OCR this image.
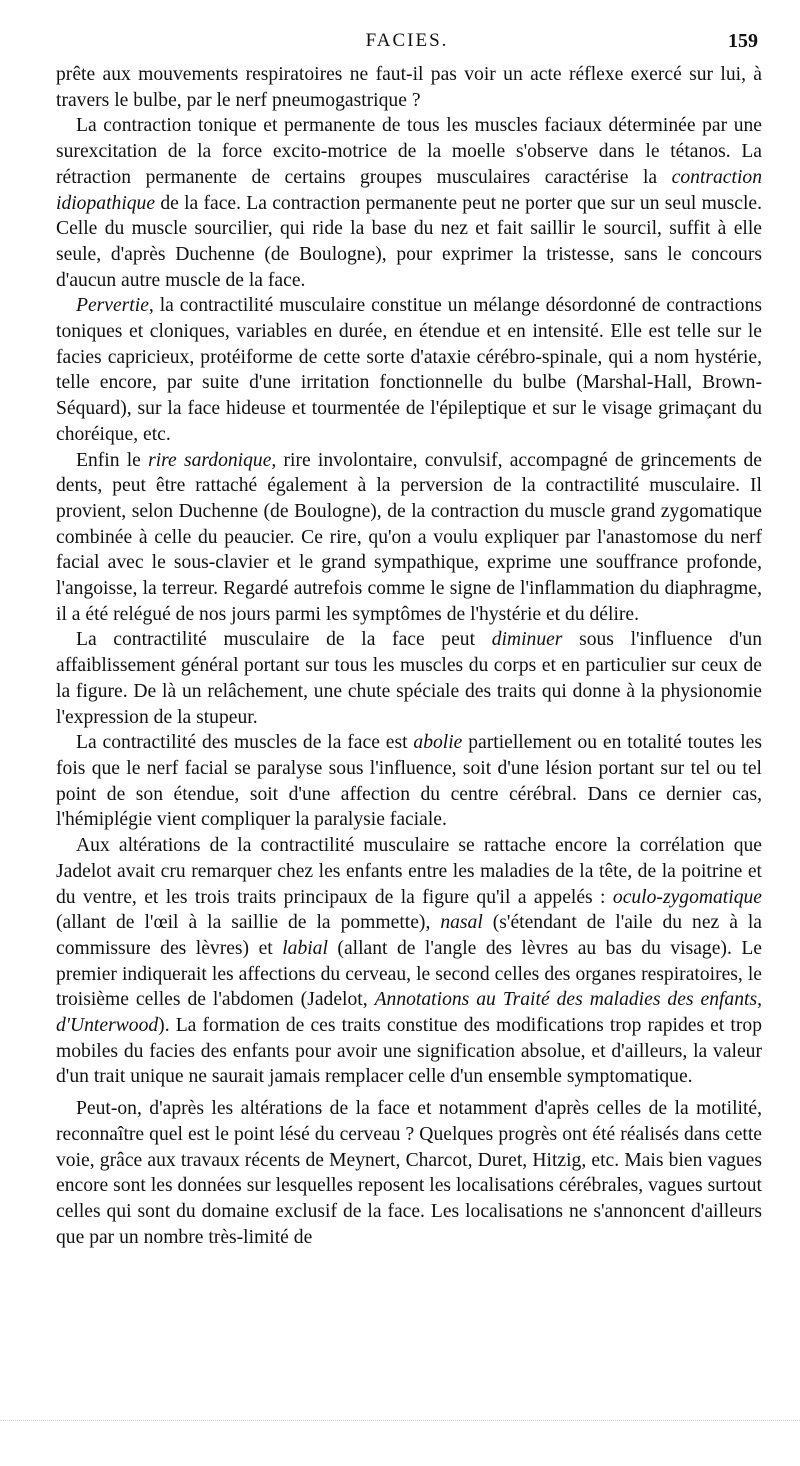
FACIES.	159

prête aux mouvements respiratoires ne faut-il pas voir un acte réflexe exercé sur lui, à travers le bulbe, par le nerf pneumogastrique ?

La contraction tonique et permanente de tous les muscles faciaux déterminée par une surexcitation de la force excito-motrice de la moelle s'observe dans le tétanos. La rétraction permanente de certains groupes musculaires caractérise la contraction idiopathique de la face. La contraction permanente peut ne porter que sur un seul muscle. Celle du muscle sourcilier, qui ride la base du nez et fait saillir le sourcil, suffit à elle seule, d'après Duchenne (de Boulogne), pour exprimer la tristesse, sans le concours d'aucun autre muscle de la face.

Pervertie, la contractilité musculaire constitue un mélange désordonné de contractions toniques et cloniques, variables en durée, en étendue et en intensité. Elle est telle sur le facies capricieux, protéiforme de cette sorte d'ataxie cérébro-spinale, qui a nom hystérie, telle encore, par suite d'une irritation fonctionnelle du bulbe (Marshal-Hall, Brown-Séquard), sur la face hideuse et tourmentée de l'épileptique et sur le visage grimaçant du choréique, etc.

Enfin le rire sardonique, rire involontaire, convulsif, accompagné de grincements de dents, peut être rattaché également à la perversion de la contractilité musculaire. Il provient, selon Duchenne (de Boulogne), de la contraction du muscle grand zygomatique combinée à celle du peaucier. Ce rire, qu'on a voulu expliquer par l'anastomose du nerf facial avec le sous-clavier et le grand sympathique, exprime une souffrance profonde, l'angoisse, la terreur. Regardé autrefois comme le signe de l'inflammation du diaphragme, il a été relégué de nos jours parmi les symptômes de l'hystérie et du délire.

La contractilité musculaire de la face peut diminuer sous l'influence d'un affaiblissement général portant sur tous les muscles du corps et en particulier sur ceux de la figure. De là un relâchement, une chute spéciale des traits qui donne à la physionomie l'expression de la stupeur.

La contractilité des muscles de la face est abolie partiellement ou en totalité toutes les fois que le nerf facial se paralyse sous l'influence, soit d'une lésion portant sur tel ou tel point de son étendue, soit d'une affection du centre cérébral. Dans ce dernier cas, l'hémiplégie vient compliquer la paralysie faciale.

Aux altérations de la contractilité musculaire se rattache encore la corrélation que Jadelot avait cru remarquer chez les enfants entre les maladies de la tête, de la poitrine et du ventre, et les trois traits principaux de la figure qu'il a appelés : oculo-zygomatique (allant de l'œil à la saillie de la pommette), nasal (s'étendant de l'aile du nez à la commissure des lèvres) et labial (allant de l'angle des lèvres au bas du visage). Le premier indiquerait les affections du cerveau, le second celles des organes respiratoires, le troisième celles de l'abdomen (Jadelot, Annotations au Traité des maladies des enfants, d'Unterwood). La formation de ces traits constitue des modifications trop rapides et trop mobiles du facies des enfants pour avoir une signification absolue, et d'ailleurs, la valeur d'un trait unique ne saurait jamais remplacer celle d'un ensemble symptomatique.

Peut-on, d'après les altérations de la face et notamment d'après celles de la motilité, reconnaître quel est le point lésé du cerveau ? Quelques progrès ont été réalisés dans cette voie, grâce aux travaux récents de Meynert, Charcot, Duret, Hitzig, etc. Mais bien vagues encore sont les données sur lesquelles reposent les localisations cérébrales, vagues surtout celles qui sont du domaine exclusif de la face. Les localisations ne s'annoncent d'ailleurs que par un nombre très-limité de
